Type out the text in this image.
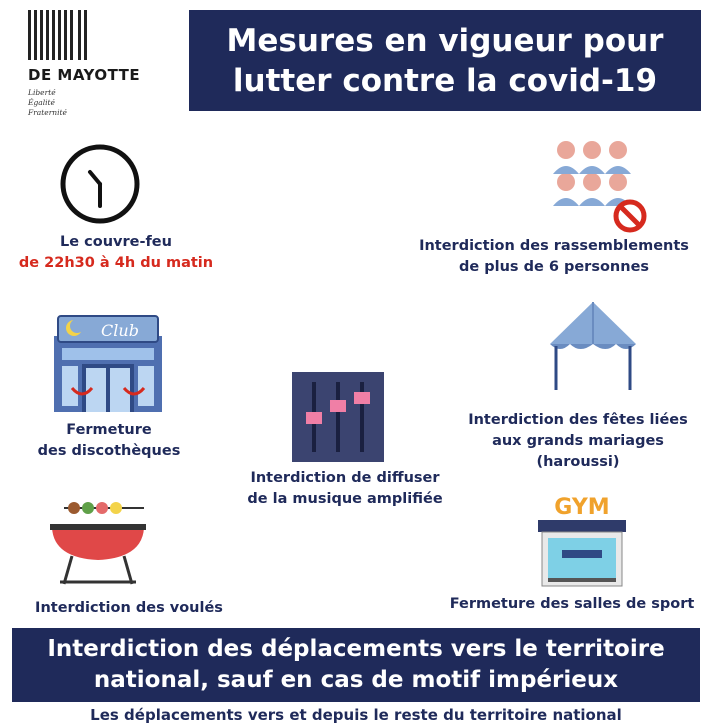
DE MAYOTTE
Liberté
Égalité
Fraternité
Mesures en vigueur pour
lutter contre la covid-19
Le couvre-feu
de 22h30 à 4h du matin
Interdiction des rassemblements
de plus de 6 personnes
Club
Fermeture
des discothèques
Interdiction de diffuser
de la musique amplifiée
Interdiction des fêtes liées
aux grands mariages
(haroussi)
Interdiction des voulés
GYM
Fermeture des salles de sport
Interdiction des déplacements vers le territoire
national, sauf en cas de motif impérieux
Les déplacements vers et depuis le reste du territoire national
